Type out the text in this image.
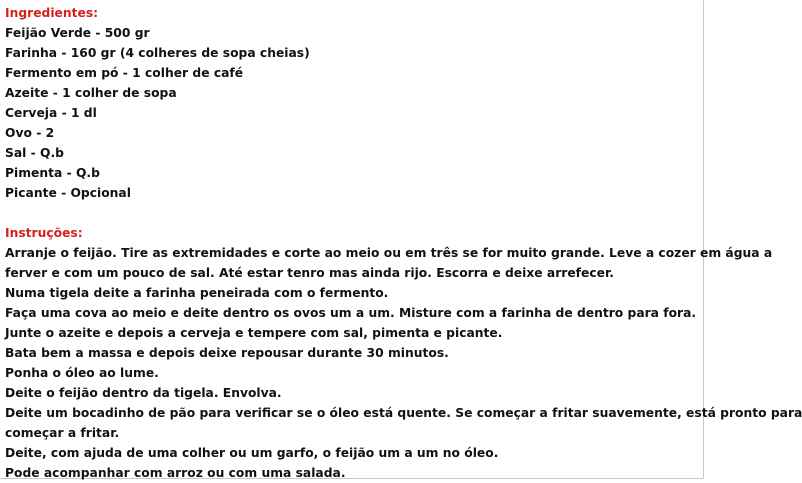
Ingredientes:
Feijão Verde - 500 gr
Farinha - 160 gr (4 colheres de sopa cheias)
Fermento em pó - 1 colher de café
Azeite - 1 colher de sopa
Cerveja - 1 dl
Ovo - 2
Sal - Q.b
Pimenta - Q.b
Picante - Opcional
Instruções:
Arranje o feijão. Tire as extremidades e corte ao meio ou em três se for muito grande. Leve a cozer em água a
ferver e com um pouco de sal. Até estar tenro mas ainda rijo. Escorra e deixe arrefecer.
Numa tigela deite a farinha peneirada com o fermento.
Faça uma cova ao meio e deite dentro os ovos um a um. Misture com a farinha de dentro para fora.
Junte o azeite e depois a cerveja e tempere com sal, pimenta e picante.
Bata bem a massa e depois deixe repousar durante 30 minutos.
Ponha o óleo ao lume.
Deite o feijão dentro da tigela. Envolva.
Deite um bocadinho de pão para verificar se o óleo está quente. Se começar a fritar suavemente, está pronto para
começar a fritar.
Deite, com ajuda de uma colher ou um garfo, o feijão um a um no óleo.
Pode acompanhar com arroz ou com uma salada.
